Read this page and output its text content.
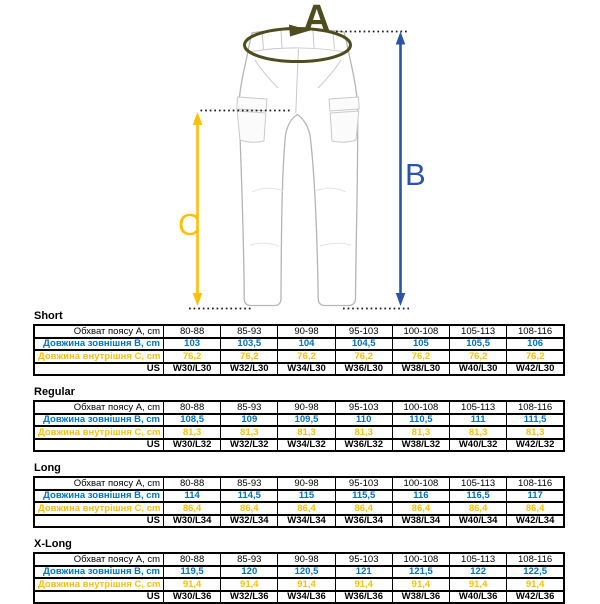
A
B
C
Short
Обхват поясу A, cm	80-88	85-93	90-98	95-103	100-108	105-113	108-116
Довжина зовнішня B, cm	103	103,5	104	104,5	105	105,5	106
Довжина внутрішня C, cm	76,2	76,2	76,2	76,2	76,2	76,2	76,2
US	W30/L30	W32/L30	W34/L30	W36/L30	W38/L30	W40/L30	W42/L30
Regular
Обхват поясу A, cm	80-88	85-93	90-98	95-103	100-108	105-113	108-116
Довжина зовнішня B, cm	108,5	109	109,5	110	110,5	111	111,5
Довжина внутрішня C, cm	81,3	81,3	81,3	81,3	81,3	81,3	81,3
US	W30/L32	W32/L32	W34/L32	W36/L32	W38/L32	W40/L32	W42/L32
Long
Обхват поясу A, cm	80-88	85-93	90-98	95-103	100-108	105-113	108-116
Довжина зовнішня B, cm	114	114,5	115	115,5	116	116,5	117
Довжина внутрішня C, cm	86,4	86,4	86,4	86,4	86,4	86,4	86,4
US	W30/L34	W32/L34	W34/L34	W36/L34	W38/L34	W40/L34	W42/L34
X-Long
Обхват поясу A, cm	80-88	85-93	90-98	95-103	100-108	105-113	108-116
Довжина зовнішня B, cm	119,5	120	120,5	121	121,5	122	122,5
Довжина внутрішня C, cm	91,4	91,4	91,4	91,4	91,4	91,4	91,4
US	W30/L36	W32/L36	W34/L36	W36/L36	W38/L36	W40/L36	W42/L36
